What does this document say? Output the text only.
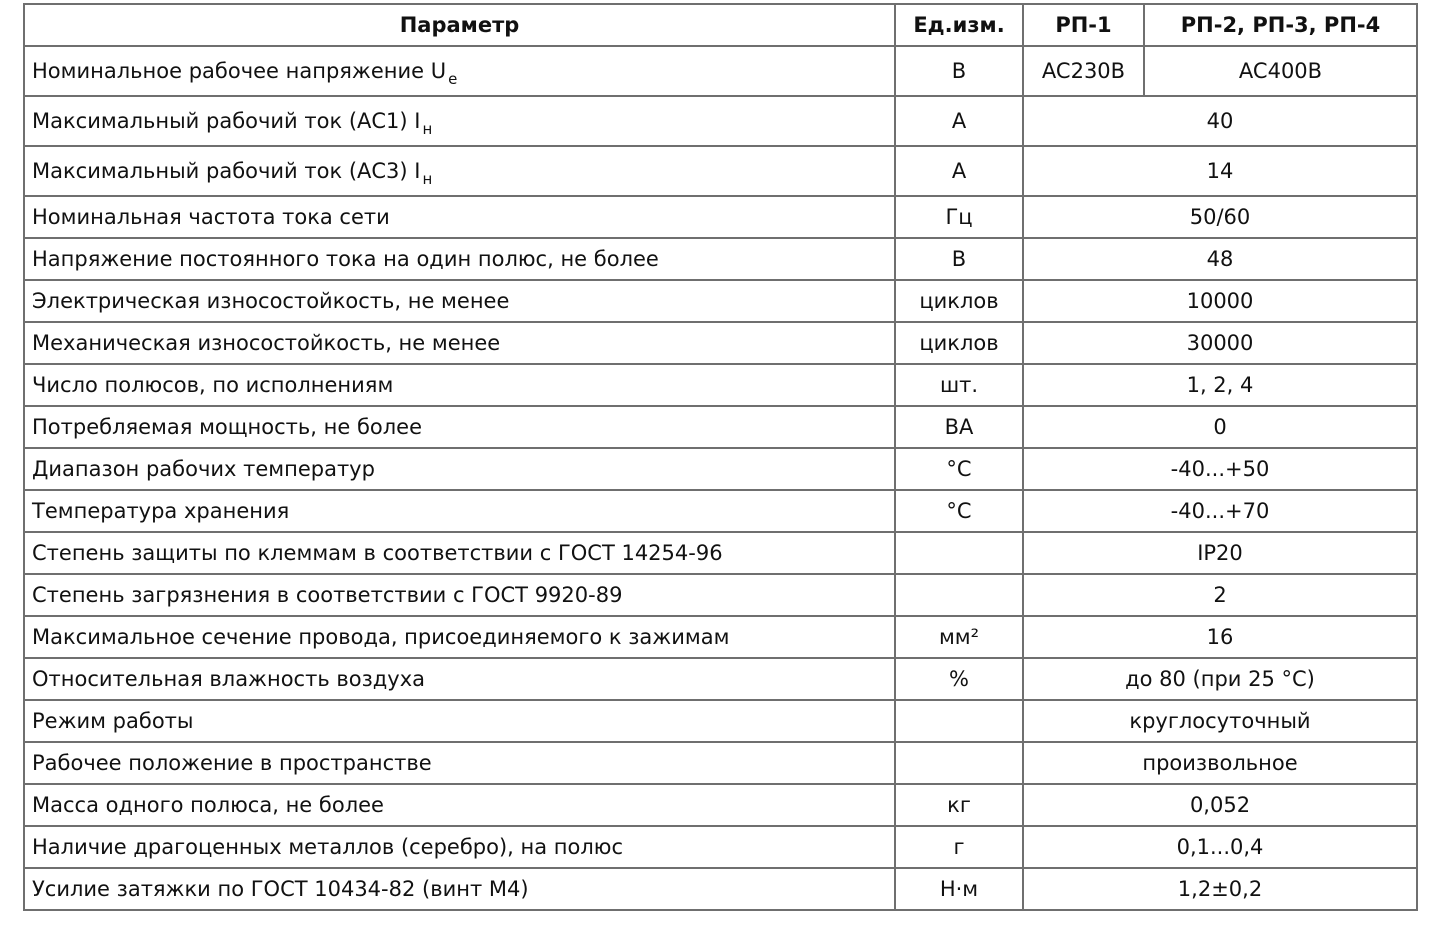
Параметр	Ед.изм.	РП-1	РП-2, РП-3, РП-4
Номинальное рабочее напряжение U $_e$	В	AC230B	AC400B
Максимальный рабочий ток (АС1) I $_н$	А	40	
Максимальный рабочий ток (АС3) I $_н$	А	14	
Номинальная частота тока сети	Гц	50/60	
Напряжение постоянного тока на один полюс, не более	В	48	
Электрическая износостойкость, не менее	циклов	10000	
Механическая износостойкость, не менее	циклов	30000	
Число полюсов, по исполнениям	шт.	1, 2, 4	
Потребляемая мощность, не более	ВА	0	
Диапазон рабочих температур	°С	-40...+50	
Температура хранения	°С	-40...+70	
Степень защиты по клеммам в соответствии с ГОСТ 14254-96		IP20	
Степень загрязнения в соответствии с ГОСТ 9920-89		2	
Максимальное сечение провода, присоединяемого к зажимам	мм²	16	
Относительная влажность воздуха	%	до 80 (при 25 °С)	
Режим работы		круглосуточный	
Рабочее положение в пространстве		произвольное	
Масса одного полюса, не более	кг	0,052	
Наличие драгоценных металлов (серебро), на полюс	г	0,1...0,4	
Усилие затяжки по ГОСТ 10434-82 (винт М4)	Н·м	1,2±0,2	
